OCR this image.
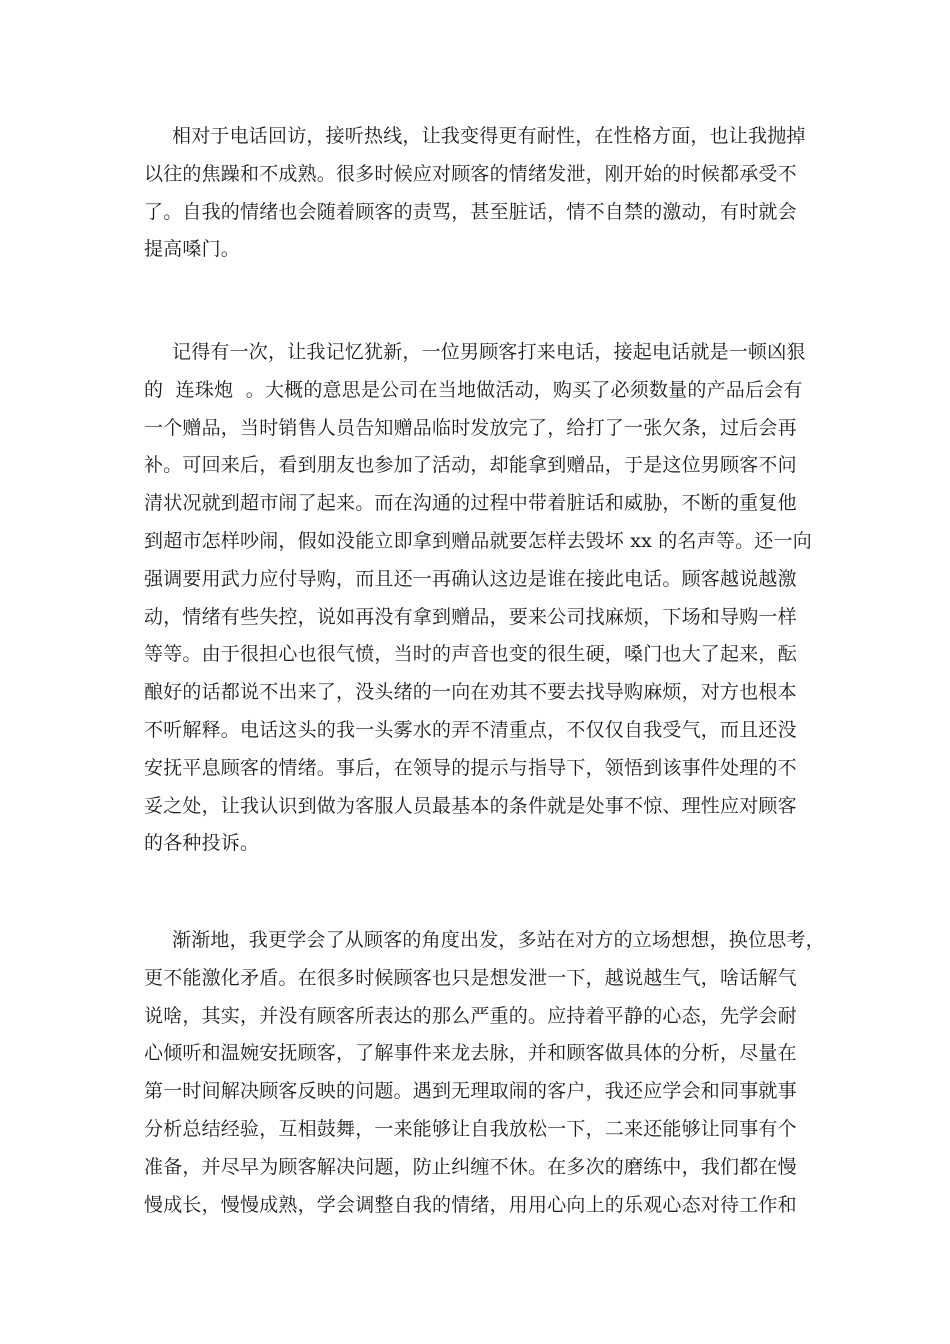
相对于电话回访，接听热线，让我变得更有耐性，在性格方面，也让我抛掉
以往的焦躁和不成熟。很多时候应对顾客的情绪发泄，刚开始的时候都承受不
了。自我的情绪也会随着顾客的责骂，甚至脏话，情不自禁的激动，有时就会
提高嗓门。
记得有一次，让我记忆犹新，一位男顾客打来电话，接起电话就是一顿凶狠
的  连珠炮  。大概的意思是公司在当地做活动，购买了必须数量的产品后会有
一个赠品，当时销售人员告知赠品临时发放完了，给打了一张欠条，过后会再
补。可回来后，看到朋友也参加了活动，却能拿到赠品，于是这位男顾客不问
清状况就到超市闹了起来。而在沟通的过程中带着脏话和威胁，不断的重复他
到超市怎样吵闹，假如没能立即拿到赠品就要怎样去毁坏 xx 的名声等。还一向
强调要用武力应付导购，而且还一再确认这边是谁在接此电话。顾客越说越激
动，情绪有些失控，说如再没有拿到赠品，要来公司找麻烦，下场和导购一样
等等。由于很担心也很气愤，当时的声音也变的很生硬，嗓门也大了起来，酝
酿好的话都说不出来了，没头绪的一向在劝其不要去找导购麻烦，对方也根本
不听解释。电话这头的我一头雾水的弄不清重点，不仅仅自我受气，而且还没
安抚平息顾客的情绪。事后，在领导的提示与指导下，领悟到该事件处理的不
妥之处，让我认识到做为客服人员最基本的条件就是处事不惊、理性应对顾客
的各种投诉。
渐渐地，我更学会了从顾客的角度出发，多站在对方的立场想想，换位思考，
更不能激化矛盾。在很多时候顾客也只是想发泄一下，越说越生气，啥话解气
说啥，其实，并没有顾客所表达的那么严重的。应持着平静的心态，先学会耐
心倾听和温婉安抚顾客，了解事件来龙去脉，并和顾客做具体的分析，尽量在
第一时间解决顾客反映的问题。遇到无理取闹的客户，我还应学会和同事就事
分析总结经验，互相鼓舞，一来能够让自我放松一下，二来还能够让同事有个
准备，并尽早为顾客解决问题，防止纠缠不休。在多次的磨练中，我们都在慢
慢成长，慢慢成熟，学会调整自我的情绪，用用心向上的乐观心态对待工作和
